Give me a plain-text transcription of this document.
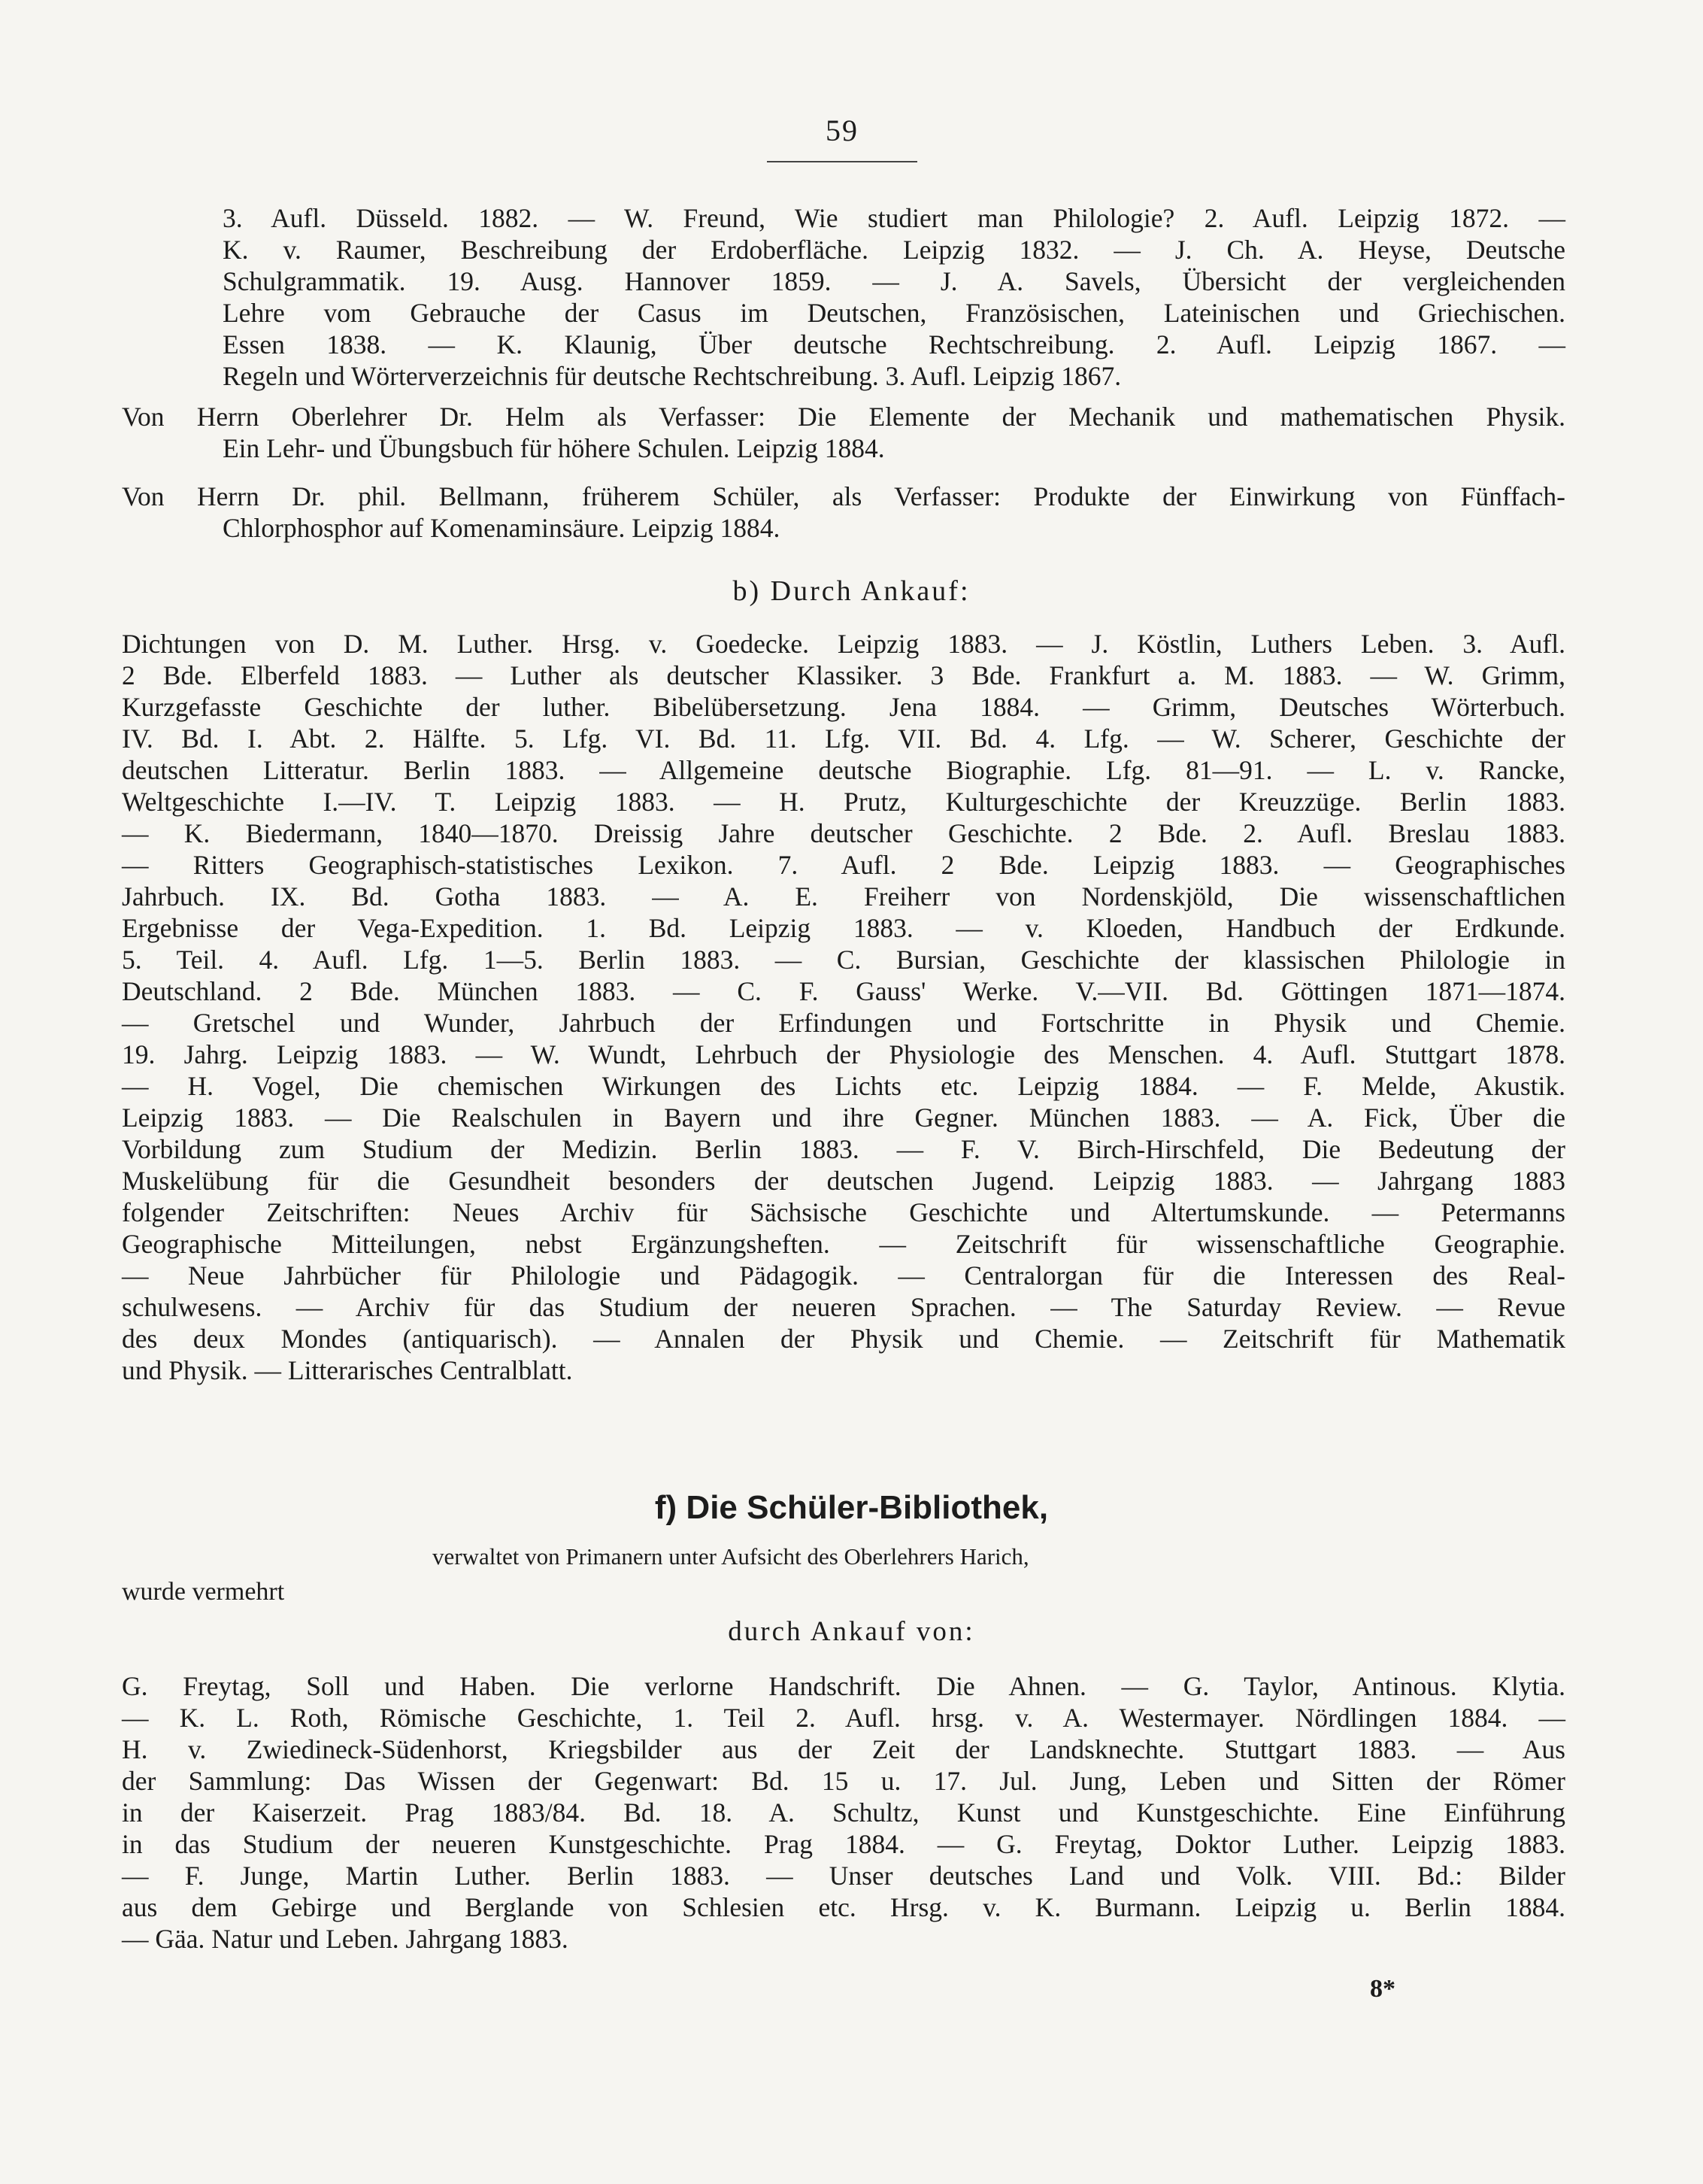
59
3. Aufl. Düsseld. 1882. — W. Freund, Wie studiert man Philologie? 2. Aufl. Leipzig 1872. —
K. v. Raumer, Beschreibung der Erdoberfläche. Leipzig 1832. — J. Ch. A. Heyse, Deutsche
Schulgrammatik. 19. Ausg. Hannover 1859. — J. A. Savels, Übersicht der vergleichenden
Lehre vom Gebrauche der Casus im Deutschen, Französischen, Lateinischen und Griechischen.
Essen 1838. — K. Klaunig, Über deutsche Rechtschreibung. 2. Aufl. Leipzig 1867. —
Regeln und Wörterverzeichnis für deutsche Rechtschreibung. 3. Aufl. Leipzig 1867.
Von Herrn Oberlehrer Dr. Helm als Verfasser: Die Elemente der Mechanik und mathematischen Physik.
Ein Lehr- und Übungsbuch für höhere Schulen. Leipzig 1884.
Von Herrn Dr. phil. Bellmann, früherem Schüler, als Verfasser: Produkte der Einwirkung von Fünffach-
Chlorphosphor auf Komenaminsäure. Leipzig 1884.
b) Durch Ankauf:
Dichtungen von D. M. Luther. Hrsg. v. Goedecke. Leipzig 1883. — J. Köstlin, Luthers Leben. 3. Aufl.
2 Bde. Elberfeld 1883. — Luther als deutscher Klassiker. 3 Bde. Frankfurt a. M. 1883. — W. Grimm,
Kurzgefasste Geschichte der luther. Bibelübersetzung. Jena 1884. — Grimm, Deutsches Wörterbuch.
IV. Bd. I. Abt. 2. Hälfte. 5. Lfg. VI. Bd. 11. Lfg. VII. Bd. 4. Lfg. — W. Scherer, Geschichte der
deutschen Litteratur. Berlin 1883. — Allgemeine deutsche Biographie. Lfg. 81—91. — L. v. Rancke,
Weltgeschichte I.—IV. T. Leipzig 1883. — H. Prutz, Kulturgeschichte der Kreuzzüge. Berlin 1883.
— K. Biedermann, 1840—1870. Dreissig Jahre deutscher Geschichte. 2 Bde. 2. Aufl. Breslau 1883.
— Ritters Geographisch-statistisches Lexikon. 7. Aufl. 2 Bde. Leipzig 1883. — Geographisches
Jahrbuch. IX. Bd. Gotha 1883. — A. E. Freiherr von Nordenskjöld, Die wissenschaftlichen
Ergebnisse der Vega-Expedition. 1. Bd. Leipzig 1883. — v. Kloeden, Handbuch der Erdkunde.
5. Teil. 4. Aufl. Lfg. 1—5. Berlin 1883. — C. Bursian, Geschichte der klassischen Philologie in
Deutschland. 2 Bde. München 1883. — C. F. Gauss' Werke. V.—VII. Bd. Göttingen 1871—1874.
— Gretschel und Wunder, Jahrbuch der Erfindungen und Fortschritte in Physik und Chemie.
19. Jahrg. Leipzig 1883. — W. Wundt, Lehrbuch der Physiologie des Menschen. 4. Aufl. Stuttgart 1878.
— H. Vogel, Die chemischen Wirkungen des Lichts etc. Leipzig 1884. — F. Melde, Akustik.
Leipzig 1883. — Die Realschulen in Bayern und ihre Gegner. München 1883. — A. Fick, Über die
Vorbildung zum Studium der Medizin. Berlin 1883. — F. V. Birch-Hirschfeld, Die Bedeutung der
Muskelübung für die Gesundheit besonders der deutschen Jugend. Leipzig 1883. — Jahrgang 1883
folgender Zeitschriften: Neues Archiv für Sächsische Geschichte und Altertumskunde. — Petermanns
Geographische Mitteilungen, nebst Ergänzungsheften. — Zeitschrift für wissenschaftliche Geographie.
— Neue Jahrbücher für Philologie und Pädagogik. — Centralorgan für die Interessen des Real-
schulwesens. — Archiv für das Studium der neueren Sprachen. — The Saturday Review. — Revue
des deux Mondes (antiquarisch). — Annalen der Physik und Chemie. — Zeitschrift für Mathematik
und Physik. — Litterarisches Centralblatt.
f) Die Schüler-Bibliothek,
verwaltet von Primanern unter Aufsicht des Oberlehrers Harich,
wurde vermehrt
durch Ankauf von:
G. Freytag, Soll und Haben. Die verlorne Handschrift. Die Ahnen. — G. Taylor, Antinous. Klytia.
— K. L. Roth, Römische Geschichte, 1. Teil 2. Aufl. hrsg. v. A. Westermayer. Nördlingen 1884. —
H. v. Zwiedineck-Südenhorst, Kriegsbilder aus der Zeit der Landsknechte. Stuttgart 1883. — Aus
der Sammlung: Das Wissen der Gegenwart: Bd. 15 u. 17. Jul. Jung, Leben und Sitten der Römer
in der Kaiserzeit. Prag 1883/84. Bd. 18. A. Schultz, Kunst und Kunstgeschichte. Eine Einführung
in das Studium der neueren Kunstgeschichte. Prag 1884. — G. Freytag, Doktor Luther. Leipzig 1883.
— F. Junge, Martin Luther. Berlin 1883. — Unser deutsches Land und Volk. VIII. Bd.: Bilder
aus dem Gebirge und Berglande von Schlesien etc. Hrsg. v. K. Burmann. Leipzig u. Berlin 1884.
— Gäa. Natur und Leben. Jahrgang 1883.
8*
